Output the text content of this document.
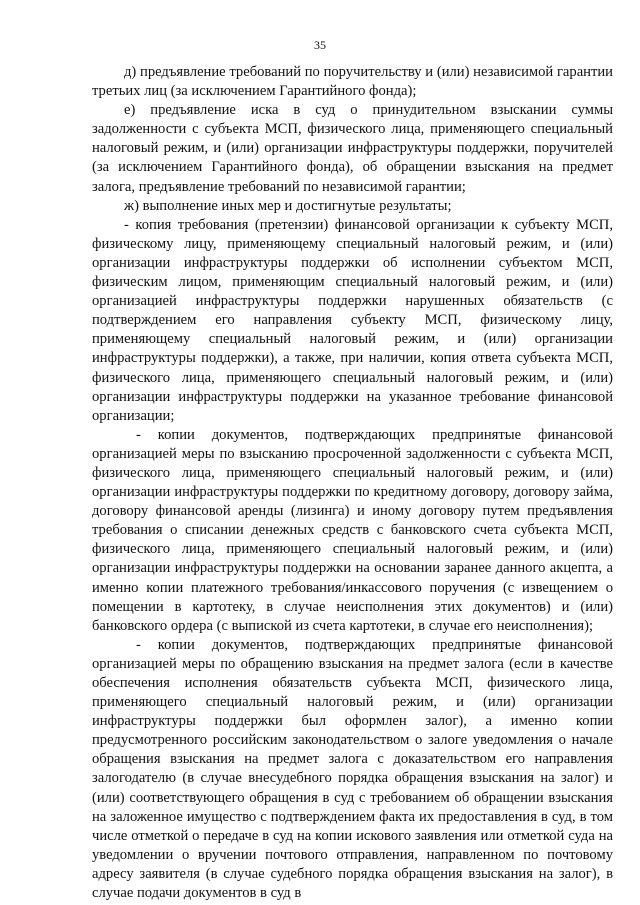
35

д) предъявление требований по поручительству и (или) независимой гарантии третьих лиц (за исключением Гарантийного фонда);

е) предъявление иска в суд о принудительном взыскании суммы задолженности с субъекта МСП, физического лица, применяющего специальный налоговый режим, и (или) организации инфраструктуры поддержки, поручителей (за исключением Гарантийного фонда), об обращении взыскания на предмет залога, предъявление требований по независимой гарантии;

ж) выполнение иных мер и достигнутые результаты;

- копия требования (претензии) финансовой организации к субъекту МСП, физическому лицу, применяющему специальный налоговый режим, и (или) организации инфраструктуры поддержки об исполнении субъектом МСП, физическим лицом, применяющим специальный налоговый режим, и (или) организацией инфраструктуры поддержки нарушенных обязательств (с подтверждением его направления субъекту МСП, физическому лицу, применяющему специальный налоговый режим, и (или) организации инфраструктуры поддержки), а также, при наличии, копия ответа субъекта МСП, физического лица, применяющего специальный налоговый режим, и (или) организации инфраструктуры поддержки на указанное требование финансовой организации;

- копии документов, подтверждающих предпринятые финансовой организацией меры по взысканию просроченной задолженности с субъекта МСП, физического лица, применяющего специальный налоговый режим, и (или) организации инфраструктуры поддержки по кредитному договору, договору займа, договору финансовой аренды (лизинга) и иному договору путем предъявления требования о списании денежных средств с банковского счета субъекта МСП, физического лица, применяющего специальный налоговый режим, и (или) организации инфраструктуры поддержки на основании заранее данного акцепта, а именно копии платежного требования/инкассового поручения (с извещением о помещении в картотеку, в случае неисполнения этих документов) и (или) банковского ордера (с выпиской из счета картотеки, в случае его неисполнения);

- копии документов, подтверждающих предпринятые финансовой организацией меры по обращению взыскания на предмет залога (если в качестве обеспечения исполнения обязательств субъекта МСП, физического лица, применяющего специальный налоговый режим, и (или) организации инфраструктуры поддержки был оформлен залог), а именно копии предусмотренного российским законодательством о залоге уведомления о начале обращения взыскания на предмет залога с доказательством его направления залогодателю (в случае внесудебного порядка обращения взыскания на залог) и (или) соответствующего обращения в суд с требованием об обращении взыскания на заложенное имущество с подтверждением факта их предоставления в суд, в том числе отметкой о передаче в суд на копии искового заявления или отметкой суда на уведомлении о вручении почтового отправления, направленном по почтовому адресу заявителя (в случае судебного порядка обращения взыскания на залог), в случае подачи документов в суд в
